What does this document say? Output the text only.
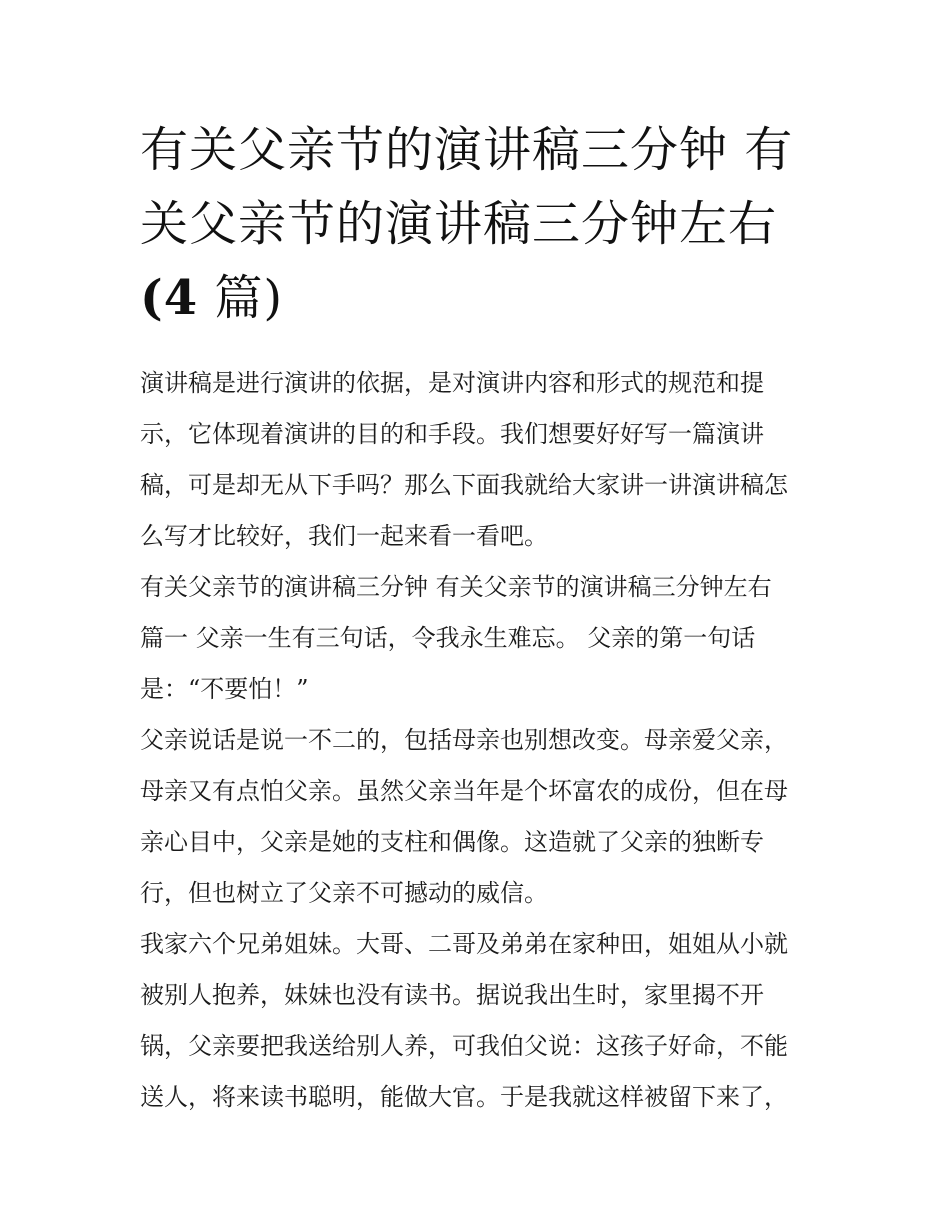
有关父亲节的演讲稿三分钟 有
关父亲节的演讲稿三分钟左右
(4 篇)

演讲稿是进行演讲的依据，是对演讲内容和形式的规范和提
示，它体现着演讲的目的和手段。我们想要好好写一篇演讲
稿，可是却无从下手吗？那么下面我就给大家讲一讲演讲稿怎
么写才比较好，我们一起来看一看吧。

有关父亲节的演讲稿三分钟 有关父亲节的演讲稿三分钟左右
篇一 父亲一生有三句话，令我永生难忘。 父亲的第一句话
是：“不要怕！”

父亲说话是说一不二的，包括母亲也别想改变。母亲爱父亲，
母亲又有点怕父亲。虽然父亲当年是个坏富农的成份，但在母
亲心目中，父亲是她的支柱和偶像。这造就了父亲的独断专
行，但也树立了父亲不可撼动的威信。

我家六个兄弟姐妹。大哥、二哥及弟弟在家种田，姐姐从小就
被别人抱养，妹妹也没有读书。据说我出生时，家里揭不开
锅，父亲要把我送给别人养，可我伯父说：这孩子好命，不能
送人，将来读书聪明，能做大官。于是我就这样被留下来了，
